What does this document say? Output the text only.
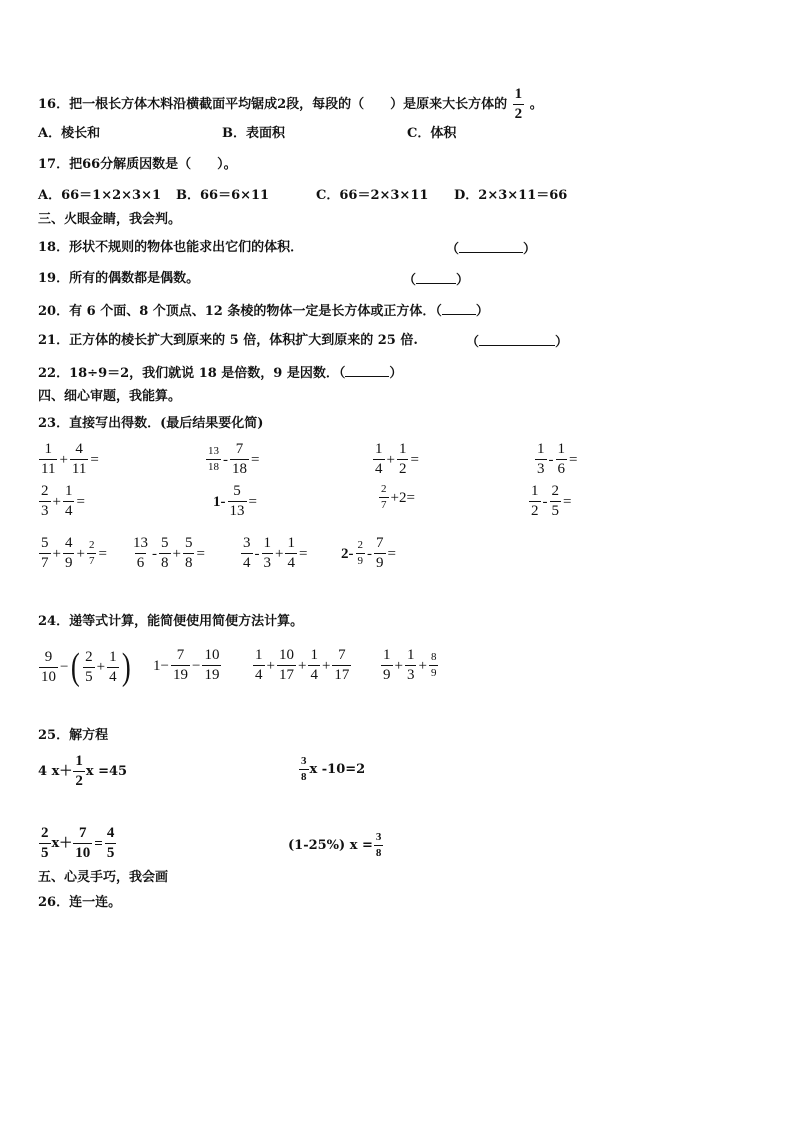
16．把一根长方体木料沿横截面平均锯成2段，每段的（　　）是原来大长方体的 $\frac{1}{2}$ 。
A．棱长和	B．表面积	C．体积
17．把66分解质因数是（　　）。
A．66＝1×2×3×1 B．66＝6×11	C．66＝2×3×11 D．2×3×11＝66
三、火眼金睛，我会判。
18．形状不规则的物体也能求出它们的体积．	（	）
19．所有的偶数都是偶数。	（	）
20．有 6 个面、8 个顶点、12 条棱的物体一定是长方体或正方体．（	）
21．正方体的棱长扩大到原来的 5 倍，体积扩大到原来的 25 倍.	（	）
22．18÷9＝2，我们就说 18 是倍数，9 是因数．（	）
四、细心审题，我能算。
23．直接写出得数．(最后结果要化简)
$\frac{1}{11} + \frac{4}{11}$ =	$\frac{13}{18} - \frac{7}{18}$ =	$\frac{1}{4} + \frac{1}{2}$ =	$\frac{1}{3} - \frac{1}{6}$ =
$\frac{2}{3} + \frac{1}{4}$ =	$1- \frac{5}{13}$ =	$\frac{2}{7} +2=$	$\frac{1}{2} - \frac{2}{5}$ =
$\frac{5}{7} + \frac{4}{9} + \frac{2}{7} = \frac{13}{6} - \frac{5}{8} + \frac{5}{8} = \frac{3}{4} - \frac{1}{3} + \frac{1}{4} = 2- \frac{2}{9} - \frac{7}{9}$ =
24．递等式计算，能简便使用简便方法计算。
$\frac{9}{10}$ − ( $\frac{2}{5} + \frac{1}{4}$ ) $1- \frac{7}{19} - \frac{10}{19} \frac{1}{4} + \frac{10}{17} + \frac{1}{4} + \frac{7}{17} \frac{1}{9} + \frac{1}{3} + \frac{8}{9}$
25．解方程
4 $x+ \frac{1}{2}$ x =45	$\frac{3}{8}$ x -10=2
$\frac{2}{5} x+ \frac{7}{10} = \frac{4}{5}$	(1-25%) $x = \frac{3}{8}$
五、心灵手巧，我会画
26．连一连。
